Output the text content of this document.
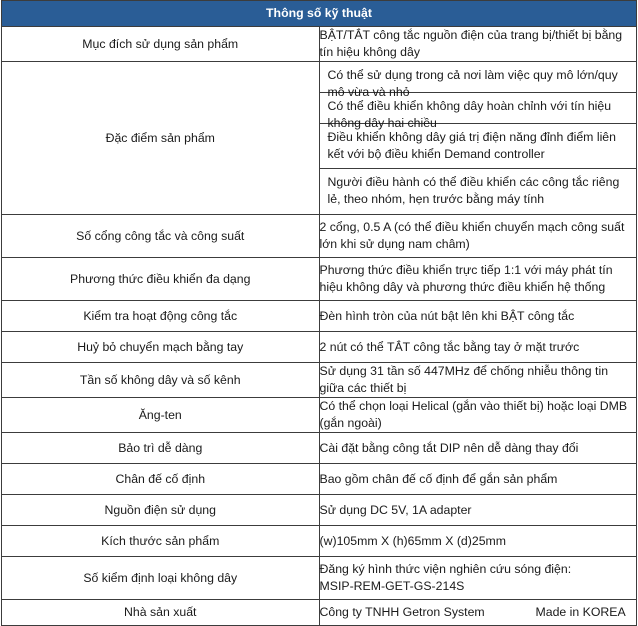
Thông số kỹ thuật	
Mục đích sử dụng sản phẩm	BẬT/TẮT công tắc nguồn điện của trang bị/thiết bị bằng tín hiệu không dây
Đặc điểm sản phẩm	Có thể sử dụng trong cả nơi làm việc quy mô lớn/quy mô vừa và nhỏ
Có thể điều khiển không dây hoàn chỉnh với tín hiệu không dây hai chiều
Điều khiển không dây giá trị điện năng đỉnh điểm liên kết với bộ điều khiển Demand controller
Người điều hành có thể điều khiển các công tắc riêng lẻ, theo nhóm, hẹn trước bằng máy tính

Số cổng công tắc và công suất	2 cổng, 0.5 A (có thể điều khiển chuyển mạch công suất lớn khi sử dụng nam châm)
Phương thức điều khiển đa dạng	Phương thức điều khiển trực tiếp 1:1 với máy phát tín hiệu không dây và phương thức điều khiển hệ thống
Kiểm tra hoạt động công tắc	Đèn hình tròn của nút bật lên khi BẬT công tắc
Huỷ bỏ chuyển mạch bằng tay	2 nút có thể TẮT công tắc bằng tay ở mặt trước
Tần số không dây và số kênh	Sử dụng 31 tần số 447MHz để chống nhiễu thông tin giữa các thiết bị
Ăng-ten	Có thể chọn loại Helical (gắn vào thiết bị) hoặc loại DMB (gắn ngoài)
Bảo trì dễ dàng	Cài đặt bằng công tắt DIP nên dễ dàng thay đổi
Chân đế cố định	Bao gồm chân đế cố định để gắn sản phẩm
Nguồn điện sử dụng	Sử dụng DC 5V, 1A adapter
Kích thước sản phẩm	(w)105mm X (h)65mm X (d)25mm
Số kiểm định loại không dây	Đăng ký hình thức viện nghiên cứu sóng điện:
MSIP-REM-GET-GS-214S

Nhà sản xuất	Công ty TNHH Getron System Made in KOREA
